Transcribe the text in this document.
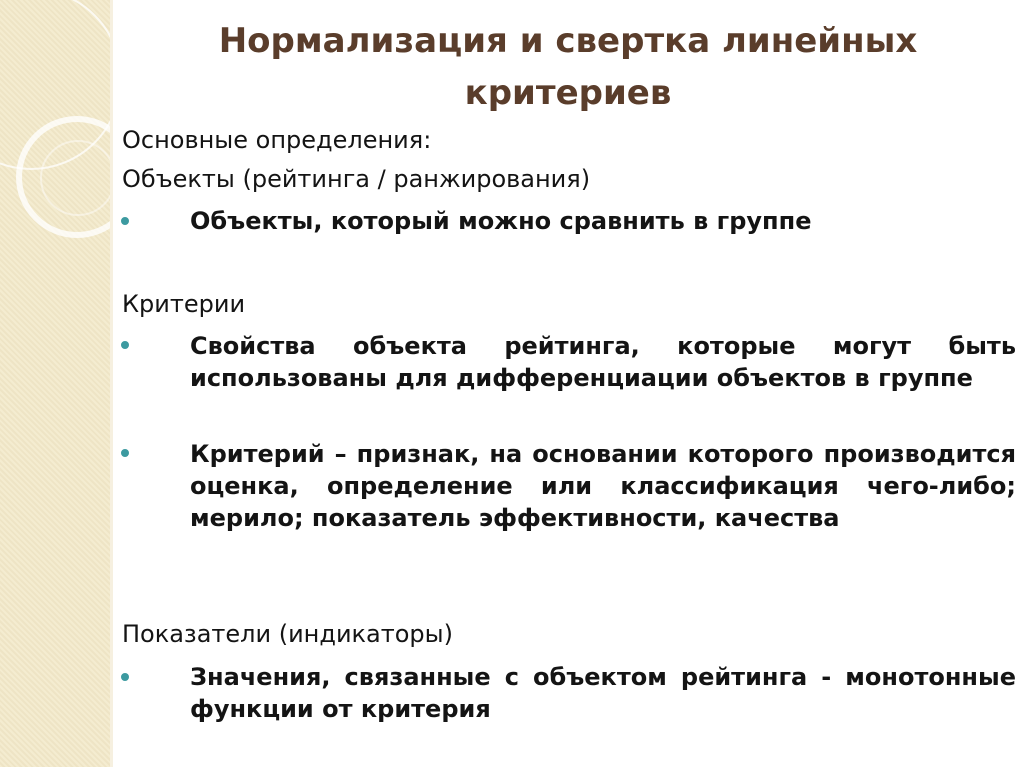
Нормализация и свертка линейных
критериев

Основные определения:

Объекты (рейтинга / ранжирования)

Объекты, который можно сравнить в группе

Критерии

Свойства объекта рейтинга, которые могут быть использованы для дифференциации объектов в группе

Критерий – признак, на основании которого производится оценка, определение или классификация чего-либо; мерило; показатель эффективности, качества

Показатели (индикаторы)

Значения, связанные с объектом рейтинга - монотонные функции от критерия
